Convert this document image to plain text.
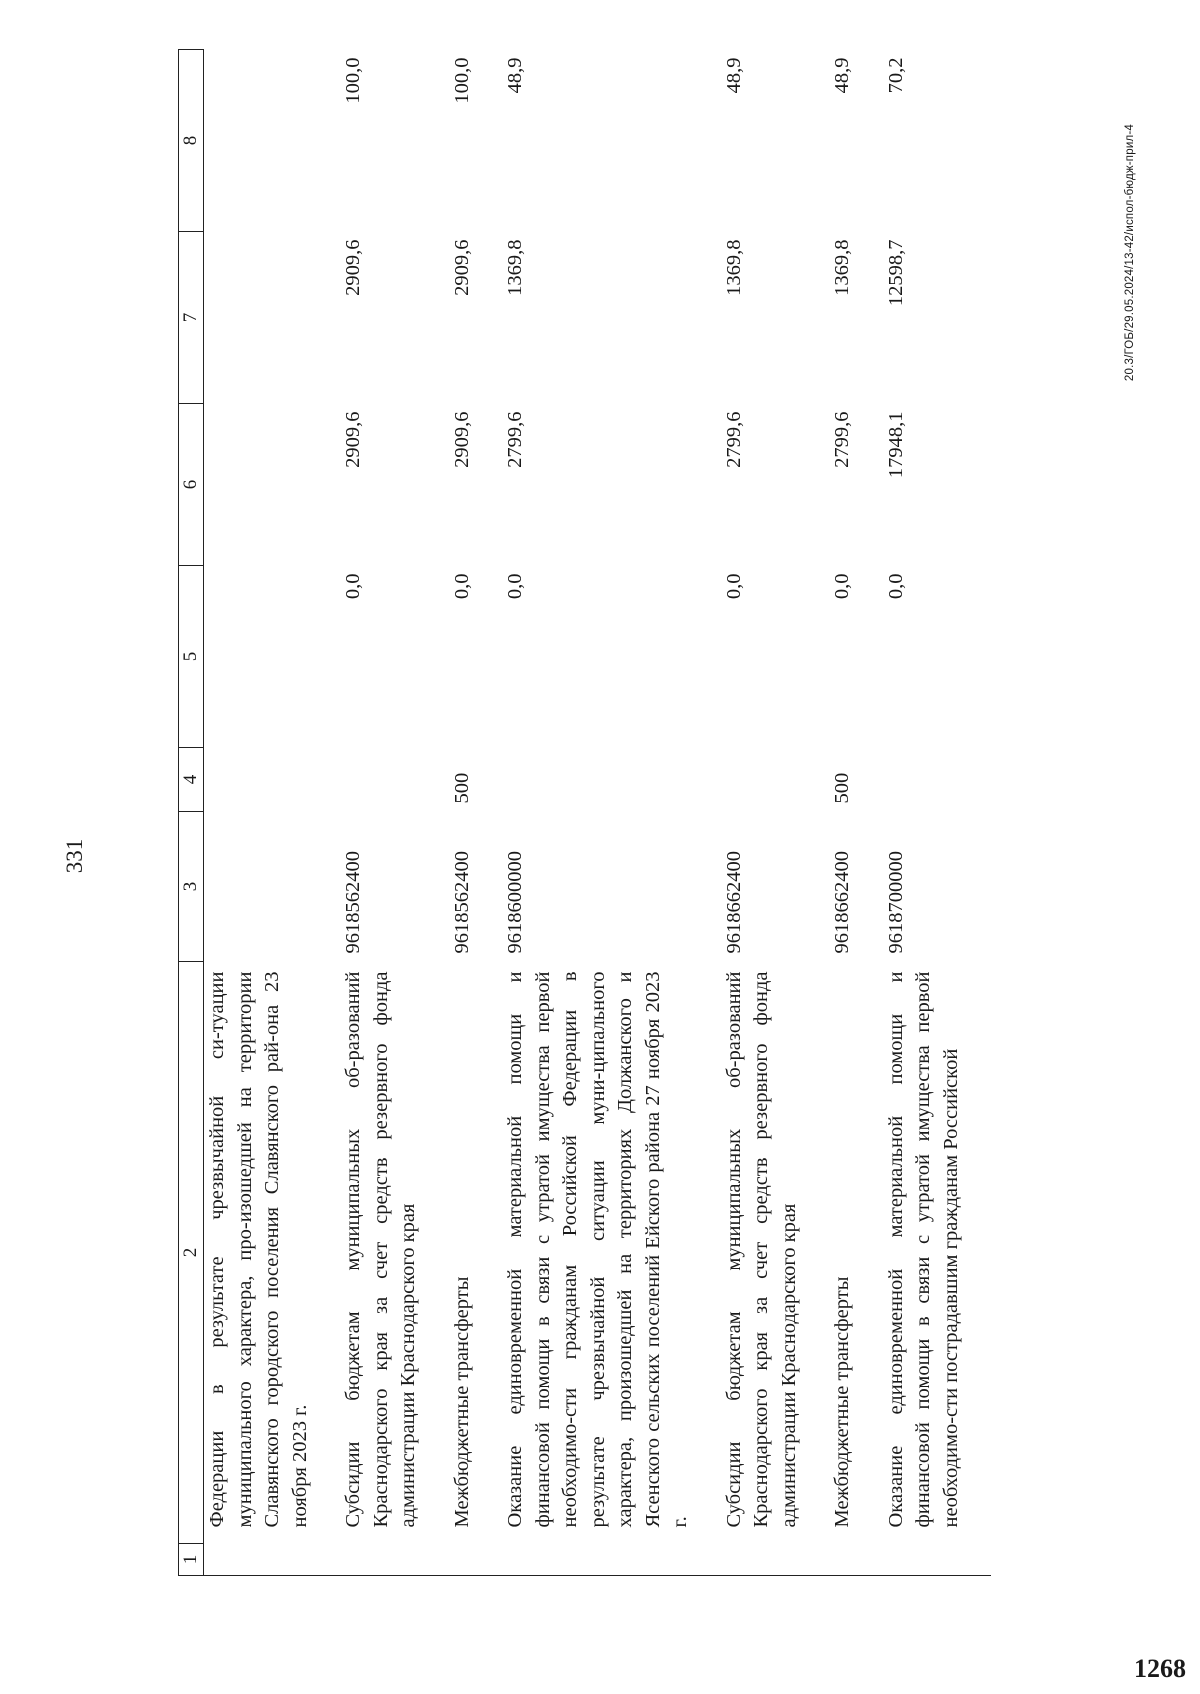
331
1	2	3	4	5	6	7	8

	Федерации в результате чрезвычайной си-туации муниципального характера, про-изошедшей на территории Славянского городского поселения Славянского рай-она 23 ноября 2023 г.						

	Субсидии бюджетам муниципальных об-разований Краснодарского края за счет средств резервного фонда администрации Краснодарского края	9618562400		0,0	2909,6	2909,6	100,0

	Межбюджетные трансферты	9618562400	500	0,0	2909,6	2909,6	100,0

	Оказание единовременной материальной помощи и финансовой помощи в связи с утратой имущества первой необходимо-сти гражданам Российской Федерации в результате чрезвычайной ситуации муни-ципального характера, произошедшей на территориях Должанского и Ясенского сельских поселений Ейского района 27 ноября 2023 г.	9618600000		0,0	2799,6	1369,8	48,9

	Субсидии бюджетам муниципальных об-разований Краснодарского края за счет средств резервного фонда администрации Краснодарского края	9618662400		0,0	2799,6	1369,8	48,9

	Межбюджетные трансферты	9618662400	500	0,0	2799,6	1369,8	48,9

	Оказание единовременной материальной помощи и финансовой помощи в связи с утратой имущества первой необходимо-сти пострадавшим гражданам Российской	9618700000		0,0	17948,1	12598,7	70,2
20.3/ГОБ/29.05.2024/13-42/испол-бюдж-прил-4
1268
